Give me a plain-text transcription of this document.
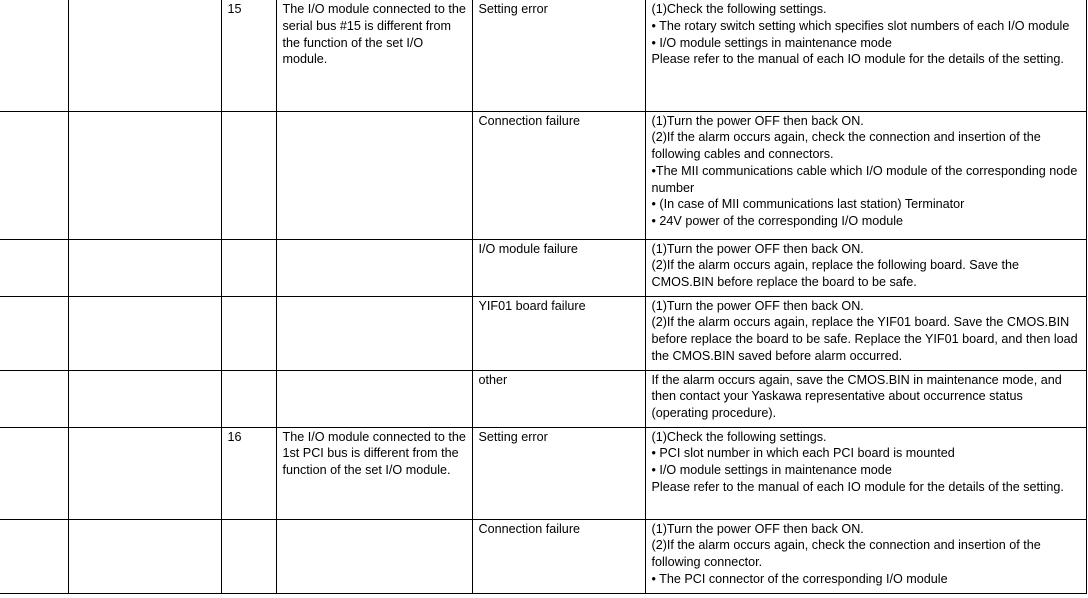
		15	The I/O module connected to the serial bus #15 is different from the function of the set I/O module.	Setting error	(1)Check the following settings.
• The rotary switch setting which specifies slot numbers of each I/O module
• I/O module settings in maintenance mode
Please refer to the manual of each IO module for the details of the setting.
				Connection failure	(1)Turn the power OFF then back ON.
(2)If the alarm occurs again, check the connection and insertion of the following cables and connectors.
•The MII communications cable which I/O module of the corresponding node number
• (In case of MII communications last station) Terminator
• 24V power of the corresponding I/O module
				I/O module failure	(1)Turn the power OFF then back ON.
(2)If the alarm occurs again, replace the following board. Save the CMOS.BIN before replace the board to be safe.
				YIF01 board failure	(1)Turn the power OFF then back ON.
(2)If the alarm occurs again, replace the YIF01 board. Save the CMOS.BIN before replace the board to be safe. Replace the YIF01 board, and then load the CMOS.BIN saved before alarm occurred.
				other	If the alarm occurs again, save the CMOS.BIN in maintenance mode, and then contact your Yaskawa representative about occurrence status (operating procedure).
		16	The I/O module connected to the 1st PCI bus is different from the function of the set I/O module.	Setting error	(1)Check the following settings.
• PCI slot number in which each PCI board is mounted
• I/O module settings in maintenance mode
Please refer to the manual of each IO module for the details of the setting.
				Connection failure	(1)Turn the power OFF then back ON.
(2)If the alarm occurs again, check the connection and insertion of the following connector.
• The PCI connector of the corresponding I/O module
